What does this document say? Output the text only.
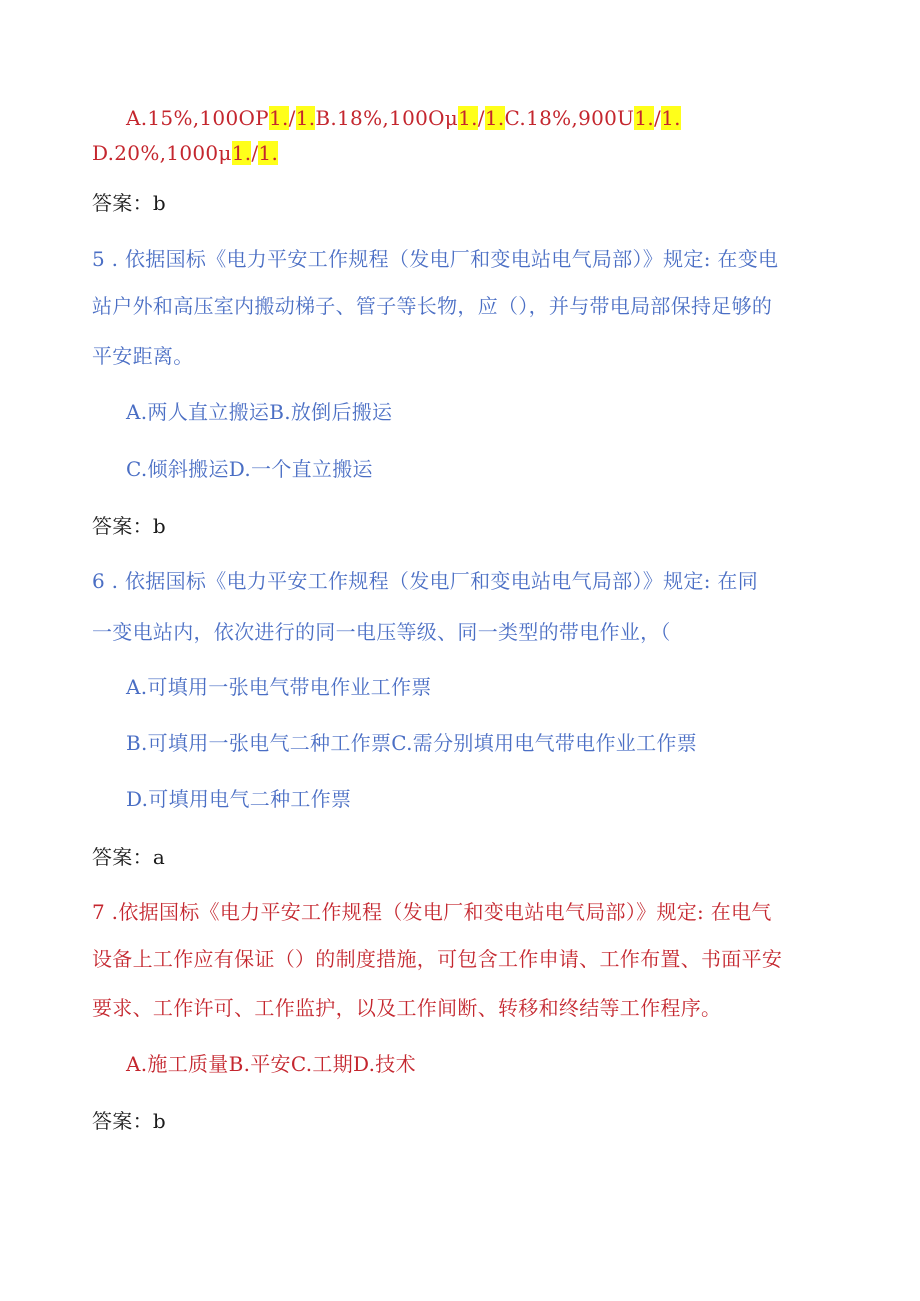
A.15%,100OP1./1.B.18%,100Oμ1./1.C.18%,900U1./1.
D.20%,1000μ1./1.
答案：b
5 . 依据国标《电力平安工作规程（发电厂和变电站电气局部）》规定: 在变电
站户外和高压室内搬动梯子、管子等长物，应（），并与带电局部保持足够的
平安距离。
A.两人直立搬运B.放倒后搬运
C.倾斜搬运D.一个直立搬运
答案：b
6 . 依据国标《电力平安工作规程（发电厂和变电站电气局部）》规定: 在同
一变电站内，依次进行的同一电压等级、同一类型的带电作业，（
A.可填用一张电气带电作业工作票
B.可填用一张电气二种工作票C.需分别填用电气带电作业工作票
D.可填用电气二种工作票
答案：a
7 .依据国标《电力平安工作规程（发电厂和变电站电气局部）》规定: 在电气
设备上工作应有保证（）的制度措施，可包含工作申请、工作布置、书面平安
要求、工作许可、工作监护，以及工作间断、转移和终结等工作程序。
A.施工质量B.平安C.工期D.技术
答案：b
